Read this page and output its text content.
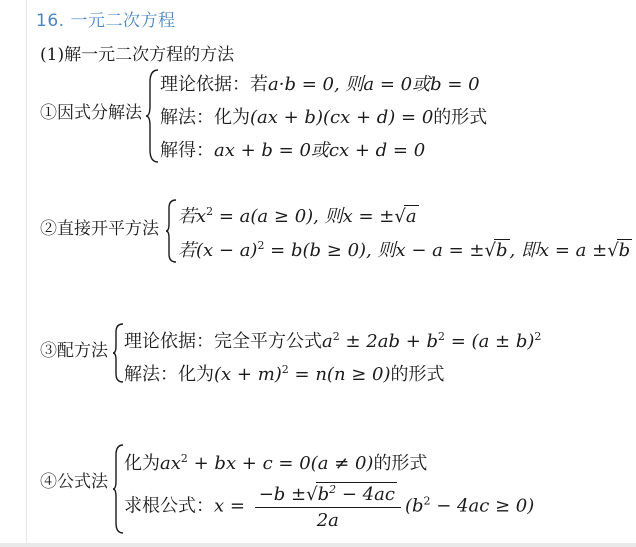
16. 一元二次方程
(1)解一元二次方程的方法
①因式分解法
理论依据：若a·b = 0, 则a = 0或b = 0
解法：化为(ax + b)(cx + d) = 0的形式
解得：ax + b = 0或cx + d = 0
②直接开平方法
若$x^2 = a(a \ge 0)$, 则x = ±√a
若$(x - a)^2 = b(b \ge 0)$, 则x − a = ±√b , 即x = a ±√b
③配方法 理论依据：完全平方公式$a^2 \pm 2ab + b^2 = (a \pm b)^2$
解法：化为$(x + m)^2 = n(n \ge 0)$的形式
④公式法
化为$ax^2$ + bx + c = 0(a ≠ 0)的形式
求根公式：$x = \frac{-b \pm√b^2 - 4ac}{2a} (b^2 - 4ac \ge 0)$
